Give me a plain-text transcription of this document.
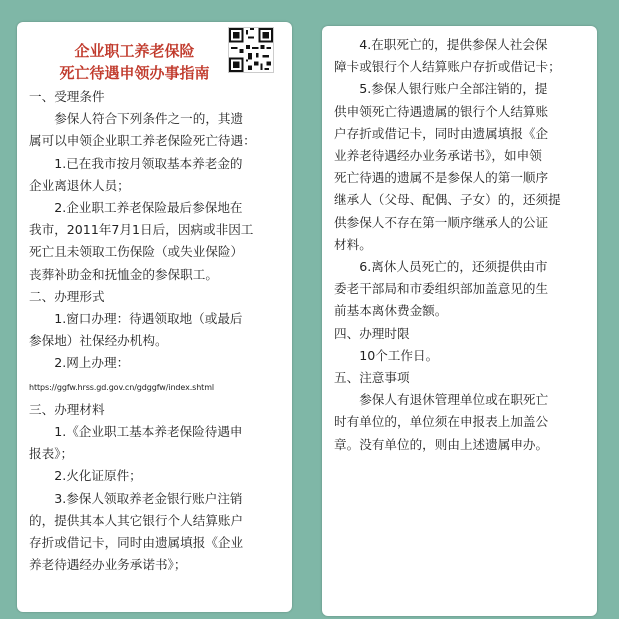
企业职工养老保险
死亡待遇申领办事指南

一、受理条件

参保人符合下列条件之一的，其遗

属可以申领企业职工养老保险死亡待遇：

1.已在我市按月领取基本养老金的

企业离退休人员；

2.企业职工养老保险最后参保地在

我市，2011年7月1日后，因病或非因工

死亡且未领取工伤保险（或失业保险）

丧葬补助金和抚恤金的参保职工。

二、办理形式

1.窗口办理：待遇领取地（或最后

参保地）社保经办机构。

2.网上办理：https://ggfw.hrss.gd.gov.cn/gdggfw/index.shtml

三、办理材料

1.《企业职工基本养老保险待遇申

报表》；

2.火化证原件；

3.参保人领取养老金银行账户注销

的，提供其本人其它银行个人结算账户

存折或借记卡，同时由遗属填报《企业

养老待遇经办业务承诺书》；

4.在职死亡的，提供参保人社会保

障卡或银行个人结算账户存折或借记卡；

5.参保人银行账户全部注销的，提

供申领死亡待遇遗属的银行个人结算账

户存折或借记卡，同时由遗属填报《企

业养老待遇经办业务承诺书》，如申领

死亡待遇的遗属不是参保人的第一顺序

继承人（父母、配偶、子女）的，还须提

供参保人不存在第一顺序继承人的公证

材料。

6.离休人员死亡的，还须提供由市

委老干部局和市委组织部加盖意见的生

前基本离休费金额。

四、办理时限

10个工作日。

五、注意事项

参保人有退休管理单位或在职死亡

时有单位的，单位须在申报表上加盖公

章。没有单位的，则由上述遗属申办。
